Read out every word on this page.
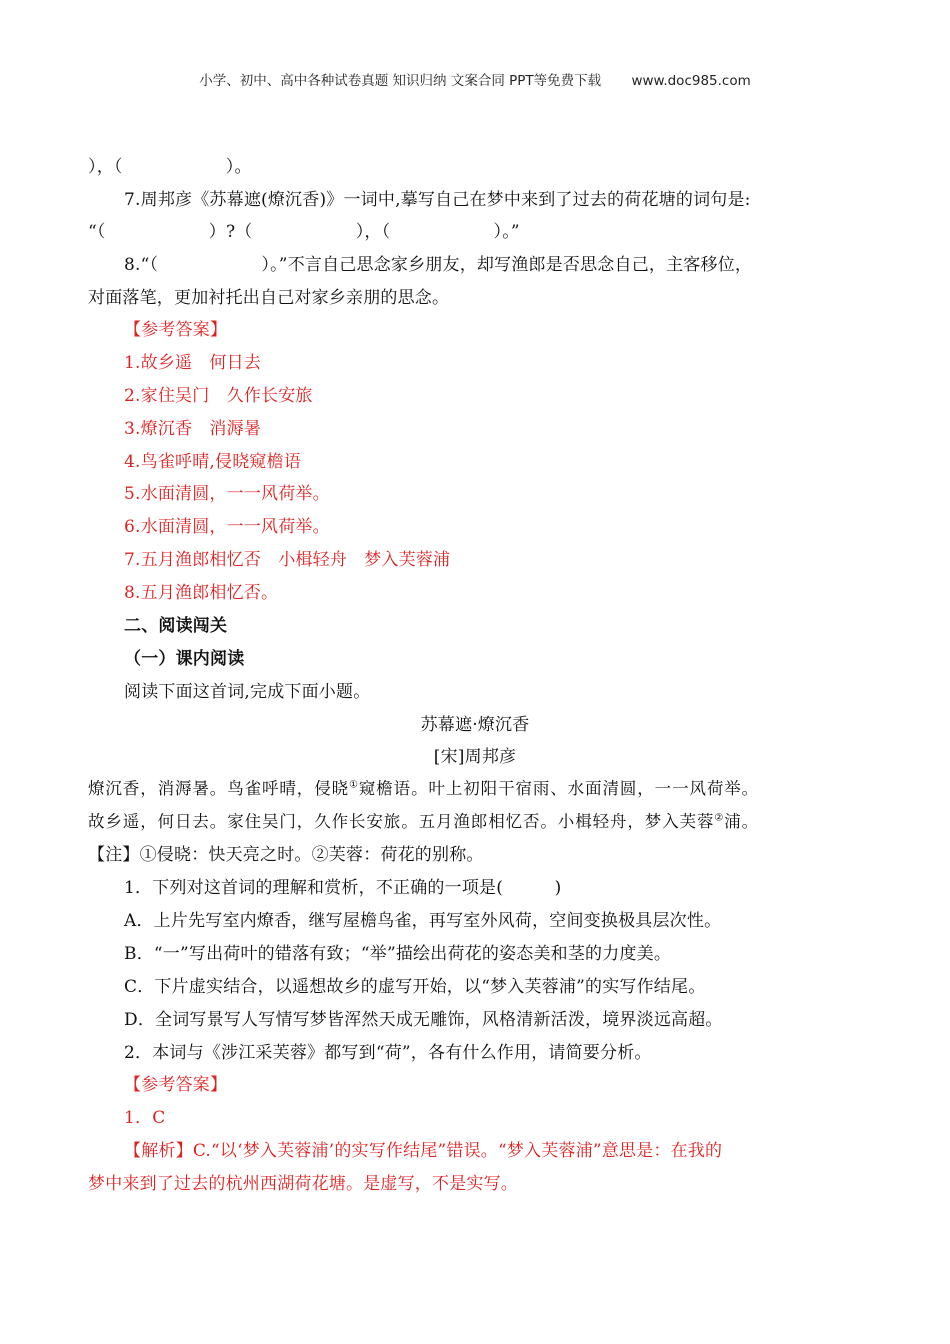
小学、初中、高中各种试卷真题 知识归纳 文案合同 PPT等免费下载 www.doc985.com
），（　　　　　　）。
7.周邦彦《苏幕遮(燎沉香)》一词中,摹写自己在梦中来到了过去的荷花塘的词句是:
“（　　　　　　）?（　　　　　　），（　　　　　　）。”
8.“（　　　　　　）。”不言自己思念家乡朋友，却写渔郎是否思念自己，主客移位，
对面落笔，更加衬托出自己对家乡亲朋的思念。
【参考答案】
1.故乡遥　何日去
2.家住吴门　久作长安旅
3.燎沉香　消溽暑
4.鸟雀呼晴,侵晓窥檐语
5.水面清圆，一一风荷举。
6.水面清圆，一一风荷举。
7.五月渔郎相忆否　小楫轻舟　梦入芙蓉浦
8.五月渔郎相忆否。
二、阅读闯关
（一）课内阅读
阅读下面这首词,完成下面小题。
苏幕遮·燎沉香
[宋]周邦彦
燎沉香，消溽暑。鸟雀呼晴，侵晓①窥檐语。叶上初阳干宿雨、水面清圆，一一风荷举。
故乡遥，何日去。家住吴门，久作长安旅。五月渔郎相忆否。小楫轻舟，梦入芙蓉②浦。
【注】①侵晓：快天亮之时。②芙蓉：荷花的别称。
1．下列对这首词的理解和赏析，不正确的一项是(　　　)
A．上片先写室内燎香，继写屋檐鸟雀，再写室外风荷，空间变换极具层次性。
B．“一”写出荷叶的错落有致；“举”描绘出荷花的姿态美和茎的力度美。
C．下片虚实结合，以遥想故乡的虚写开始，以“梦入芙蓉浦”的实写作结尾。
D．全词写景写人写情写梦皆浑然天成无雕饰，风格清新活泼，境界淡远高超。
2．本词与《涉江采芙蓉》都写到“荷”，各有什么作用，请简要分析。
【参考答案】
1．C
【解析】C.“以‘梦入芙蓉浦’的实写作结尾”错误。“梦入芙蓉浦”意思是：在我的
梦中来到了过去的杭州西湖荷花塘。是虚写，不是实写。
